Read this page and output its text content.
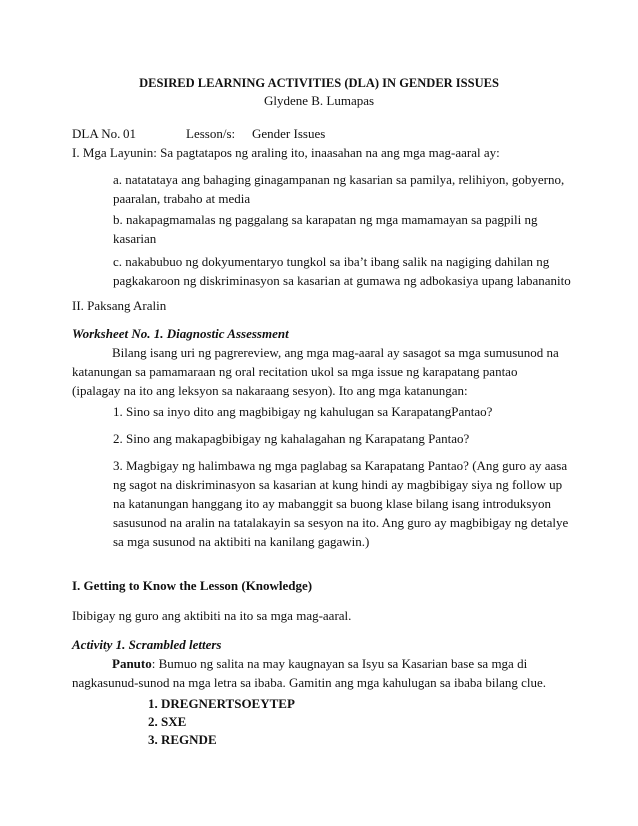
DESIRED LEARNING ACTIVITIES (DLA) IN GENDER ISSUES
Glydene B. Lumapas
DLA No. 01	Lesson/s: Gender Issues
I. Mga Layunin: Sa pagtatapos ng araling ito, inaasahan na ang mga mag-aaral ay:
a. natatataya ang bahaging ginagampanan ng kasarian sa pamilya, relihiyon, gobyerno, paaralan, trabaho at media
b. nakapagmamalas ng paggalang sa karapatan ng mga mamamayan sa pagpili ng kasarian
c. nakabubuo ng dokyumentaryo tungkol sa iba’t ibang salik na nagiging dahilan ng pagkakaroon ng diskriminasyon sa kasarian at gumawa ng adbokasiya upang labananito
II. Paksang Aralin
Worksheet No. 1. Diagnostic Assessment
Bilang isang uri ng pagrereview, ang mga mag-aaral ay sasagot sa mga sumusunod na
katanungan sa pamamaraan ng oral recitation ukol sa mga issue ng karapatang pantao (ipalagay na ito ang leksyon sa nakaraang sesyon). Ito ang mga katanungan:
1. Sino sa inyo dito ang magbibigay ng kahulugan sa KarapatangPantao?
2. Sino ang makapagbibigay ng kahalagahan ng Karapatang Pantao?
3. Magbigay ng halimbawa ng mga paglabag sa Karapatang Pantao? (Ang guro ay aasa ng sagot na diskriminasyon sa kasarian at kung hindi ay magbibigay siya ng follow up na katanungan hanggang ito ay mabanggit sa buong klase bilang isang introduksyon sasusunod na aralin na tatalakayin sa sesyon na ito. Ang guro ay magbibigay ng detalye sa mga susunod na aktibiti na kanilang gagawin.)
I. Getting to Know the Lesson (Knowledge)
Ibibigay ng guro ang aktibiti na ito sa mga mag-aaral.
Activity 1. Scrambled letters
Panuto: Bumuo ng salita na may kaugnayan sa Isyu sa Kasarian base sa mga di
nagkasunud-sunod na mga letra sa ibaba. Gamitin ang mga kahulugan sa ibaba bilang clue.
1. DREGNERTSOEYTEP
2. SXE
3. REGNDE
